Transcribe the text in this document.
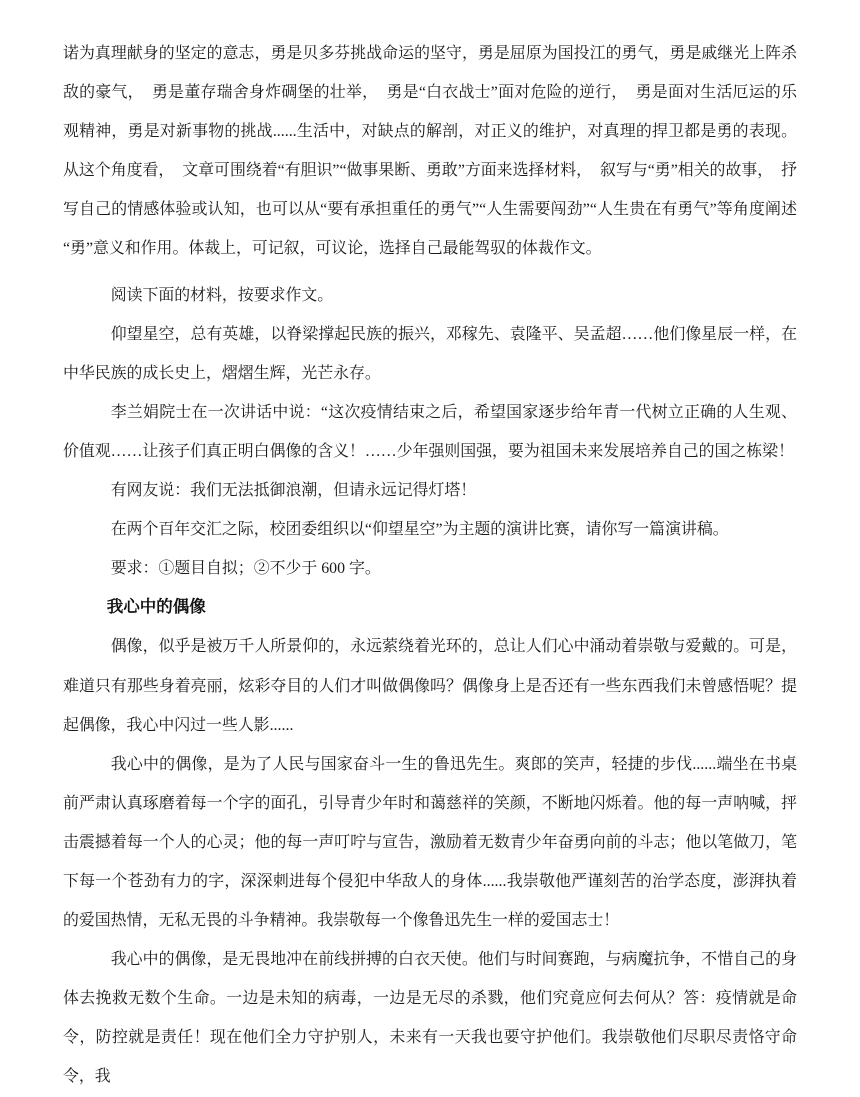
诺为真理献身的坚定的意志，勇是贝多芬挑战命运的坚守，勇是屈原为国投江的勇气，勇是戚继光上阵杀敌的豪气，　勇是董存瑞舍身炸碉堡的壮举，　勇是“白衣战士”面对危险的逆行，　勇是面对生活厄运的乐观精神，勇是对新事物的挑战......生活中，对缺点的解剖，对正义的维护，对真理的捍卫都是勇的表现。从这个角度看，　文章可围绕着“有胆识”“做事果断、勇敢”方面来选择材料，　叙写与“勇”相关的故事，　抒写自己的情感体验或认知，也可以从“要有承担重任的勇气”“人生需要闯劲”“人生贵在有勇气”等角度阐述“勇”意义和作用。体裁上，可记叙，可议论，选择自己最能驾驭的体裁作文。

阅读下面的材料，按要求作文。

仰望星空，总有英雄，以脊梁撑起民族的振兴，邓稼先、袁隆平、吴孟超……他们像星辰一样，在中华民族的成长史上，熠熠生辉，光芒永存。

李兰娟院士在一次讲话中说：“这次疫情结束之后，希望国家逐步给年青一代树立正确的人生观、价值观……让孩子们真正明白偶像的含义！……少年强则国强，要为祖国未来发展培养自己的国之栋梁！

有网友说：我们无法抵御浪潮，但请永远记得灯塔！

在两个百年交汇之际，校团委组织以“仰望星空”为主题的演讲比赛，请你写一篇演讲稿。

要求：①题目自拟；②不少于 600 字。

我心中的偶像

偶像，似乎是被万千人所景仰的，永远萦绕着光环的，总让人们心中涌动着崇敬与爱戴的。可是，难道只有那些身着亮丽，炫彩夺目的人们才叫做偶像吗？偶像身上是否还有一些东西我们未曾感悟呢？提起偶像，我心中闪过一些人影......

我心中的偶像，是为了人民与国家奋斗一生的鲁迅先生。爽郎的笑声，轻捷的步伐......端坐在书桌前严肃认真琢磨着每一个字的面孔，引导青少年时和蔼慈祥的笑颜，不断地闪烁着。他的每一声呐喊，抨击震撼着每一个人的心灵；他的每一声叮咛与宣告，激励着无数青少年奋勇向前的斗志；他以笔做刀，笔下每一个苍劲有力的字，深深刺进每个侵犯中华敌人的身体......我崇敬他严谨刻苦的治学态度，澎湃执着的爱国热情，无私无畏的斗争精神。我崇敬每一个像鲁迅先生一样的爱国志士！

我心中的偶像，是无畏地冲在前线拼搏的白衣天使。他们与时间赛跑，与病魔抗争，不惜自己的身体去挽救无数个生命。一边是未知的病毒，一边是无尽的杀戮，他们究竟应何去何从？答：疫情就是命令，防控就是责任！现在他们全力守护别人，未来有一天我也要守护他们。我崇敬他们尽职尽责恪守命令，我
